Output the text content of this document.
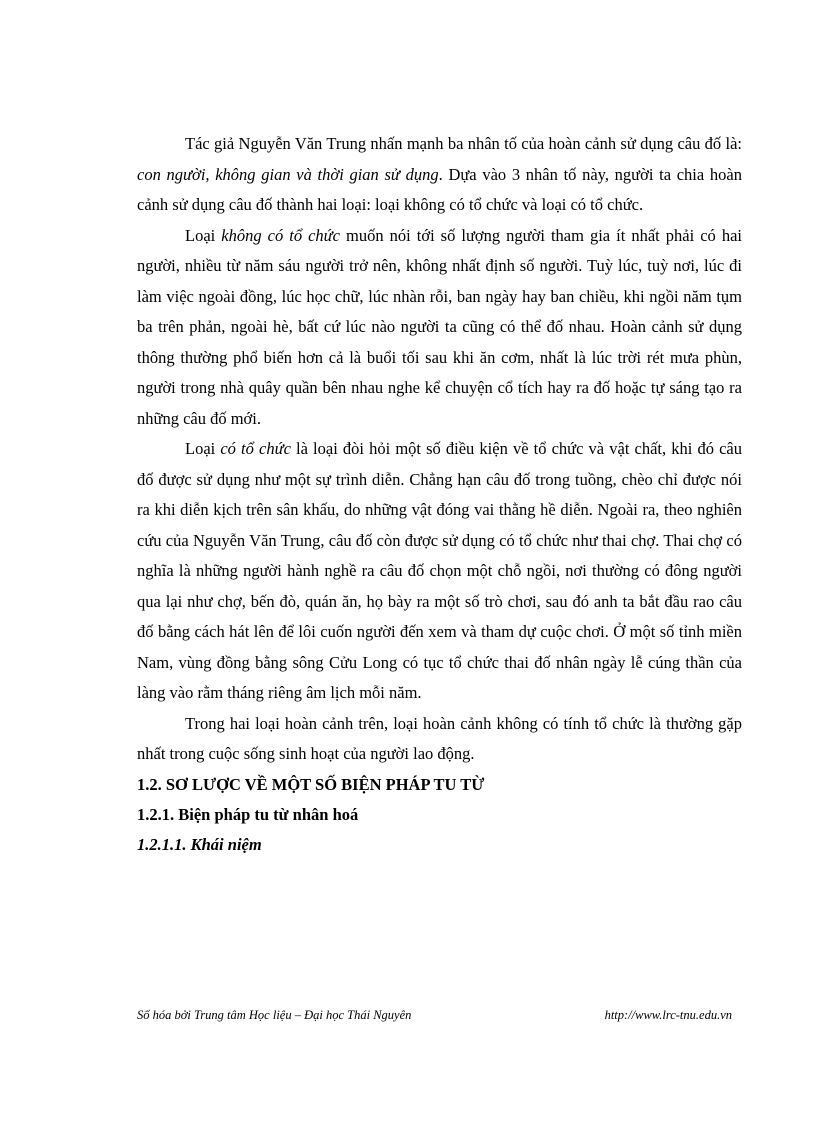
Tác giả Nguyễn Văn Trung nhấn mạnh ba nhân tố của hoàn cảnh sử dụng câu đố là: con người, không gian và thời gian sử dụng. Dựa vào 3 nhân tố này, người ta chia hoàn cảnh sử dụng câu đố thành hai loại: loại không có tổ chức và loại có tổ chức.

Loại không có tổ chức muốn nói tới số lượng người tham gia ít nhất phải có hai người, nhiều từ năm sáu người trở nên, không nhất định số người. Tuỳ lúc, tuỳ nơi, lúc đi làm việc ngoài đồng, lúc học chữ, lúc nhàn rỗi, ban ngày hay ban chiều, khi ngồi năm tụm ba trên phản, ngoài hè, bất cứ lúc nào người ta cũng có thể đố nhau. Hoàn cảnh sử dụng thông thường phổ biến hơn cả là buổi tối sau khi ăn cơm, nhất là lúc trời rét mưa phùn, người trong nhà quây quần bên nhau nghe kể chuyện cổ tích hay ra đố hoặc tự sáng tạo ra những câu đố mới.

Loại có tổ chức là loại đòi hỏi một số điều kiện về tổ chức và vật chất, khi đó câu đố được sử dụng như một sự trình diễn. Chẳng hạn câu đố trong tuồng, chèo chỉ được nói ra khi diễn kịch trên sân khấu, do những vật đóng vai thằng hề diễn. Ngoài ra, theo nghiên cứu của Nguyễn Văn Trung, câu đố còn được sử dụng có tổ chức như thai chợ. Thai chợ có nghĩa là những người hành nghề ra câu đố chọn một chỗ ngồi, nơi thường có đông người qua lại như chợ, bến đò, quán ăn, họ bày ra một số trò chơi, sau đó anh ta bắt đầu rao câu đố bằng cách hát lên để lôi cuốn người đến xem và tham dự cuộc chơi. Ở một số tỉnh miền Nam, vùng đồng bằng sông Cửu Long có tục tổ chức thai đố nhân ngày lễ cúng thần của làng vào rằm tháng riêng âm lịch mỗi năm.

Trong hai loại hoàn cảnh trên, loại hoàn cảnh không có tính tổ chức là thường gặp nhất trong cuộc sống sinh hoạt của người lao động.

1.2. SƠ LƯỢC VỀ MỘT SỐ BIỆN PHÁP TU TỪ
1.2.1. Biện pháp tu từ nhân hoá
1.2.1.1. Khái niệm
Số hóa bởi Trung tâm Học liệu – Đại học Thái Nguyên	http://www.lrc-tnu.edu.vn
